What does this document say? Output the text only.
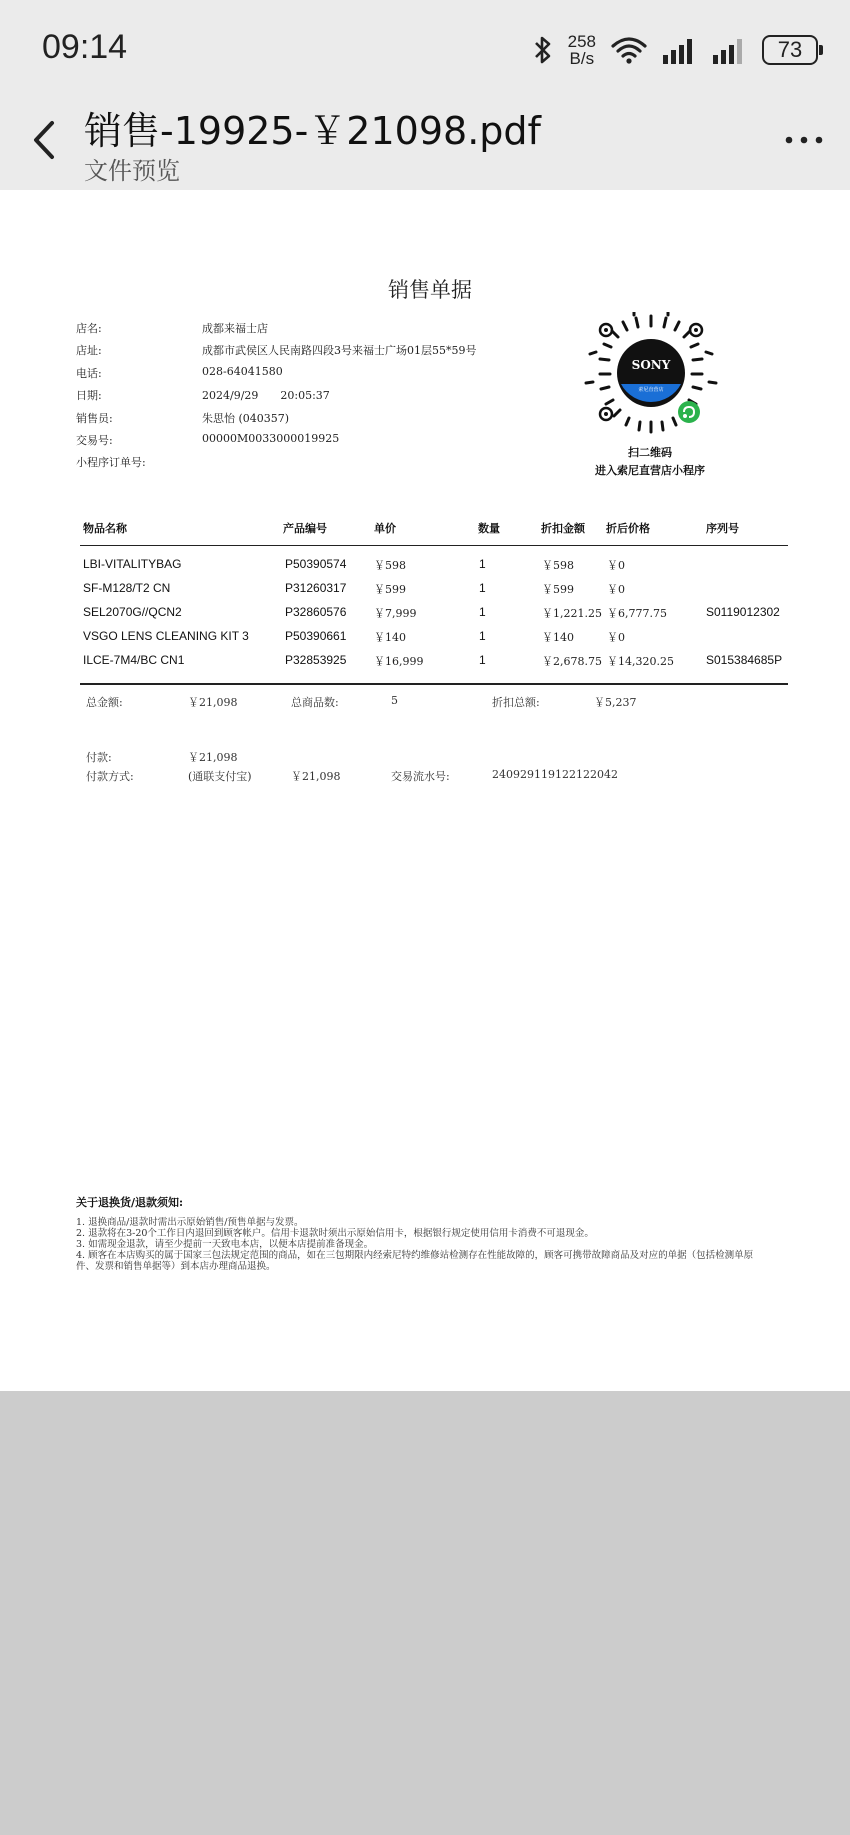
09:14	258
B/s	73
销售-19925-￥21098.pdf
文件预览
销售单据
店名:	成都来福士店
店址:	成都市武侯区人民南路四段3号来福士广场01层55*59号
电话:	028-64041580
日期:	2024/9/29　　20:05:37
销售员:	朱思怡 (040357)
交易号:	00000M0033000019925
小程序订单号:
SONY
索尼直营店
扫二维码
进入索尼直营店小程序
物品名称	产品编号	单价	数量	折扣金额 折后价格	序列号
LBI-VITALITYBAG	P50390574	￥598	1	￥598	￥0
SF-M128/T2 CN	P31260317	￥599	1	￥599	￥0
SEL2070G//QCN2	P32860576	￥7,999	1	￥1,221.25 ￥6,777.75	S0119012302
VSGO LENS CLEANING KIT 3	P50390661	￥140	1	￥140	￥0
ILCE-7M4/BC CN1	P32853925	￥16,999	1	￥2,678.75 ￥14,320.25	S015384685P
总金额:	￥21,098	总商品数:	5	折扣总额:	￥5,237
付款:	￥21,098
付款方式:	(通联支付宝)	￥21,098	交易流水号:	240929119122122042
关于退换货/退款须知:
1. 退换商品/退款时需出示原始销售/预售单据与发票。
2. 退款将在3-20个工作日内退回到顾客帐户。信用卡退款时须出示原始信用卡，根据银行规定使用信用卡消费不可退现金。
3. 如需现金退款，请至少提前一天致电本店，以便本店提前准备现金。
4. 顾客在本店购买的属于国家三包法规定范围的商品，如在三包期限内经索尼特约维修站检测存在性能故障的，顾客可携带故障商品及对应的单据（包括检测单原件、发票和销售单据等）到本店办理商品退换。
